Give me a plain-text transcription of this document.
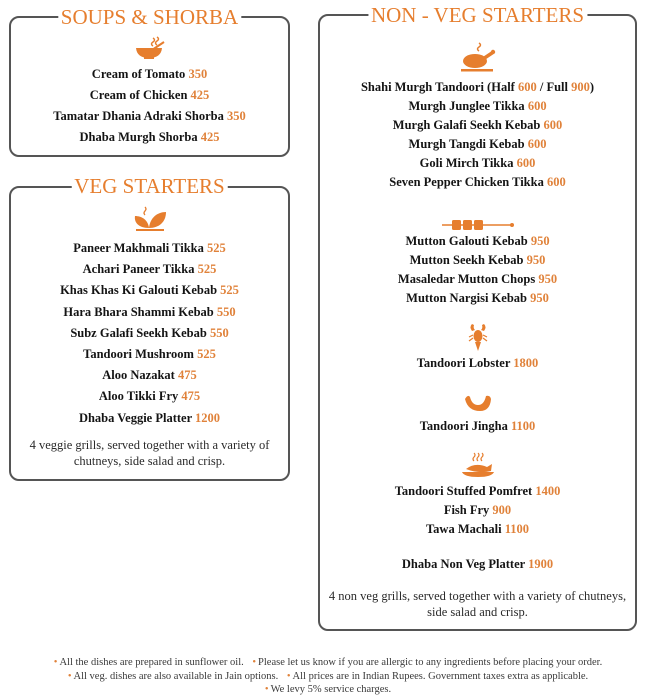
SOUPS & SHORBA
Cream of Tomato 350
Cream of Chicken 425
Tamatar Dhania Adraki Shorba 350
Dhaba Murgh Shorba 425
VEG STARTERS
Paneer Makhmali Tikka 525
Achari Paneer Tikka 525
Khas Khas Ki Galouti Kebab 525
Hara Bhara Shammi Kebab 550
Subz Galafi Seekh Kebab 550
Tandoori Mushroom 525
Aloo Nazakat 475
Aloo Tikki Fry 475
Dhaba Veggie Platter 1200

4 veggie grills, served together with a variety of chutneys, side salad and crisp.

NON - VEG STARTERS
Shahi Murgh Tandoori (Half 600 / Full 900)
Murgh Junglee Tikka 600
Murgh Galafi Seekh Kebab 600
Murgh Tangdi Kebab 600
Goli Mirch Tikka 600
Seven Pepper Chicken Tikka 600
Mutton Galouti Kebab 950
Mutton Seekh Kebab 950
Masaledar Mutton Chops 950
Mutton Nargisi Kebab 950
Tandoori Lobster 1800
Tandoori Jingha 1100
Tandoori Stuffed Pomfret 1400
Fish Fry 900
Tawa Machali 1100
Dhaba Non Veg Platter 1900

4 non veg grills, served together with a variety of chutneys, side salad and crisp.

• All the dishes are prepared in sunflower oil. • Please let us know if you are allergic to any ingredients before placing your order.
• All veg. dishes are also available in Jain options. • All prices are in Indian Rupees. Government taxes extra as applicable.
• We levy 5% service charges.
